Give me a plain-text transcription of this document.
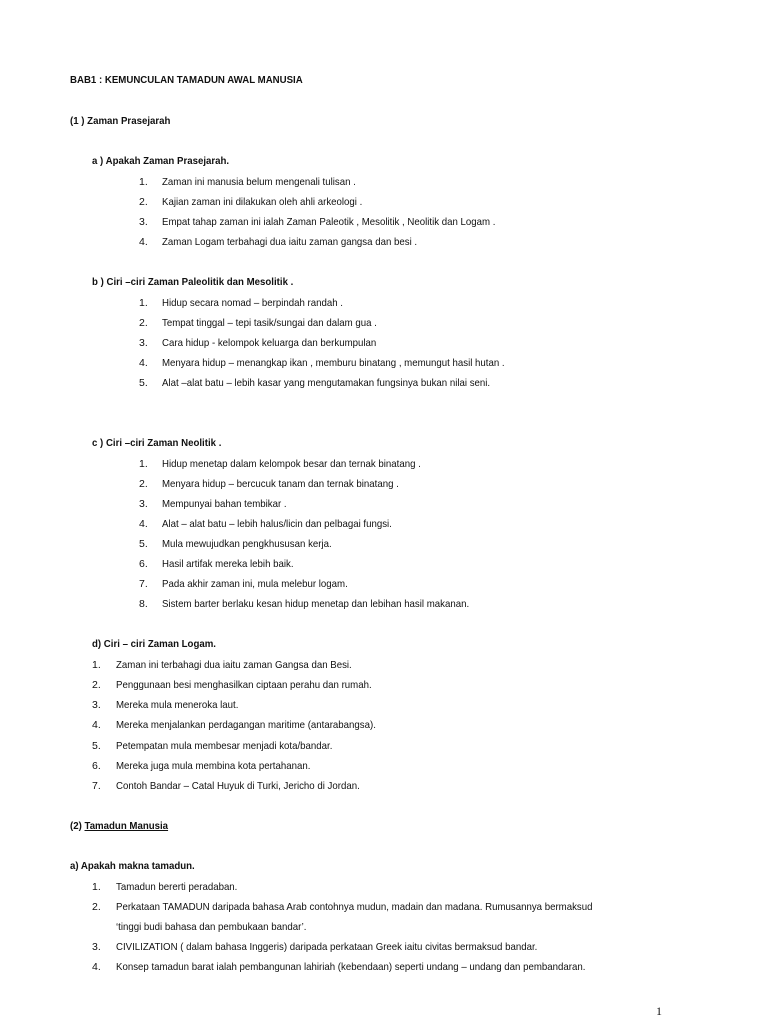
BAB1 : KEMUNCULAN TAMADUN AWAL MANUSIA
(1 ) Zaman Prasejarah
a ) Apakah Zaman Prasejarah.
1. Zaman ini manusia belum mengenali tulisan .
2. Kajian zaman ini dilakukan oleh ahli arkeologi .
3. Empat tahap zaman ini ialah Zaman Paleotik , Mesolitik , Neolitik dan Logam .
4. Zaman Logam terbahagi dua iaitu zaman gangsa dan besi .
b ) Ciri –ciri Zaman Paleolitik dan Mesolitik .
1. Hidup secara nomad – berpindah randah .
2. Tempat tinggal – tepi tasik/sungai dan dalam gua .
3. Cara hidup - kelompok keluarga dan berkumpulan
4. Menyara hidup – menangkap ikan , memburu binatang , memungut hasil hutan .
5. Alat –alat batu – lebih kasar yang mengutamakan fungsinya bukan nilai seni.
c ) Ciri –ciri Zaman Neolitik .
1. Hidup menetap dalam kelompok besar dan ternak binatang .
2. Menyara hidup – bercucuk tanam dan ternak binatang .
3. Mempunyai bahan tembikar .
4. Alat – alat batu – lebih halus/licin dan pelbagai fungsi.
5. Mula mewujudkan pengkhususan kerja.
6. Hasil artifak mereka lebih baik.
7. Pada akhir zaman ini, mula melebur logam.
8. Sistem barter berlaku kesan hidup menetap dan lebihan hasil makanan.
d) Ciri – ciri Zaman Logam.
1. Zaman ini terbahagi dua iaitu zaman Gangsa dan Besi.
2. Penggunaan besi menghasilkan ciptaan perahu dan rumah.
3. Mereka mula meneroka laut.
4. Mereka menjalankan perdagangan maritime (antarabangsa).
5. Petempatan mula membesar menjadi kota/bandar.
6. Mereka juga mula membina kota pertahanan.
7. Contoh Bandar – Catal Huyuk di Turki, Jericho di Jordan.
(2) Tamadun Manusia
a) Apakah makna tamadun.
1. Tamadun bererti peradaban.
2. Perkataan TAMADUN daripada bahasa Arab contohnya mudun, madain dan madana. Rumusannya bermaksud
‘tinggi budi bahasa dan pembukaan bandar’.
3. CIVILIZATION ( dalam bahasa Inggeris) daripada perkataan Greek iaitu civitas bermaksud bandar.
4. Konsep tamadun barat ialah pembangunan lahiriah (kebendaan) seperti undang – undang dan pembandaran.
1
